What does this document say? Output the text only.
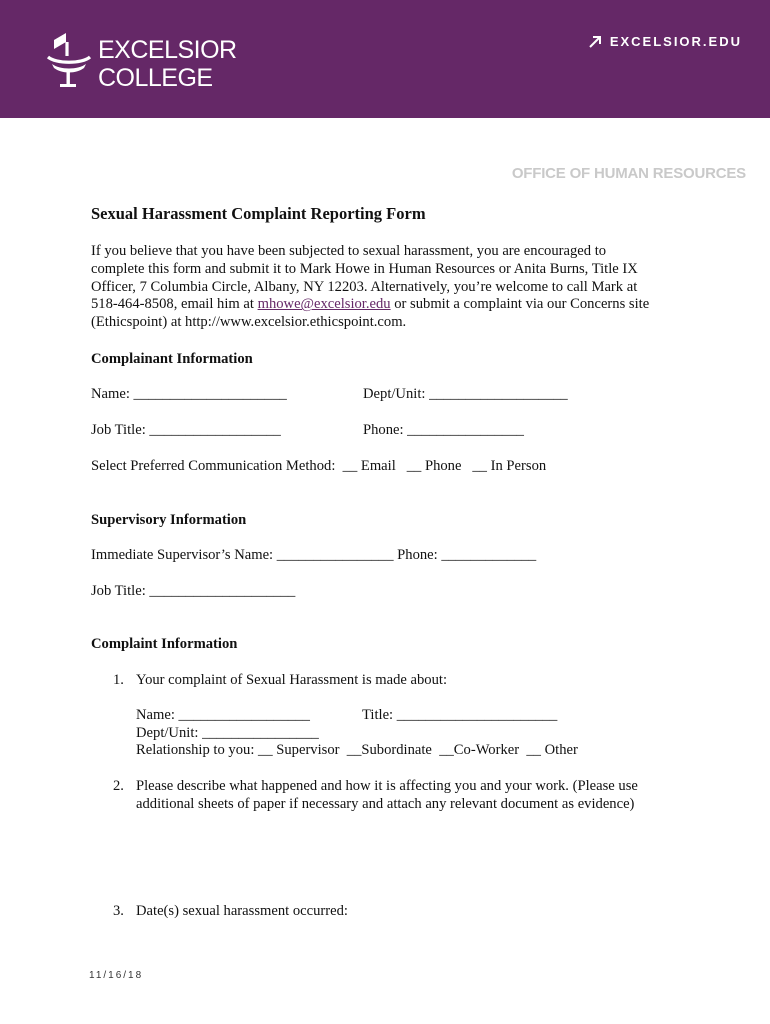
EXCELSIOR
COLLEGE
EXCELSIOR.EDU
OFFICE OF HUMAN RESOURCES

Sexual Harassment Complaint Reporting Form

If you believe that you have been subjected to sexual harassment, you are encouraged to
complete this form and submit it to Mark Howe in Human Resources or Anita Burns, Title IX
Officer, 7 Columbia Circle, Albany, NY 12203. Alternatively, you’re welcome to call Mark at
518-464-8508, email him at mhowe@excelsior.edu or submit a complaint via our Concerns site
(Ethicspoint) at http://www.excelsior.ethicspoint.com.
Complainant Information
Name: _____________________	Dept/Unit: ___________________
Job Title: __________________	Phone: ________________
Select Preferred Communication Method:  __ Email   __ Phone   __ In Person
Supervisory Information
Immediate Supervisor’s Name: ________________ Phone: _____________
Job Title: ____________________
Complaint Information
1. Your complaint of Sexual Harassment is made about:
Name: __________________	Title: ______________________
Dept/Unit: ________________
Relationship to you: __ Supervisor  __Subordinate  __Co-Worker  __ Other
2. Please describe what happened and how it is affecting you and your work. (Please use
additional sheets of paper if necessary and attach any relevant document as evidence)
3. Date(s) sexual harassment occurred:
11/16/18
